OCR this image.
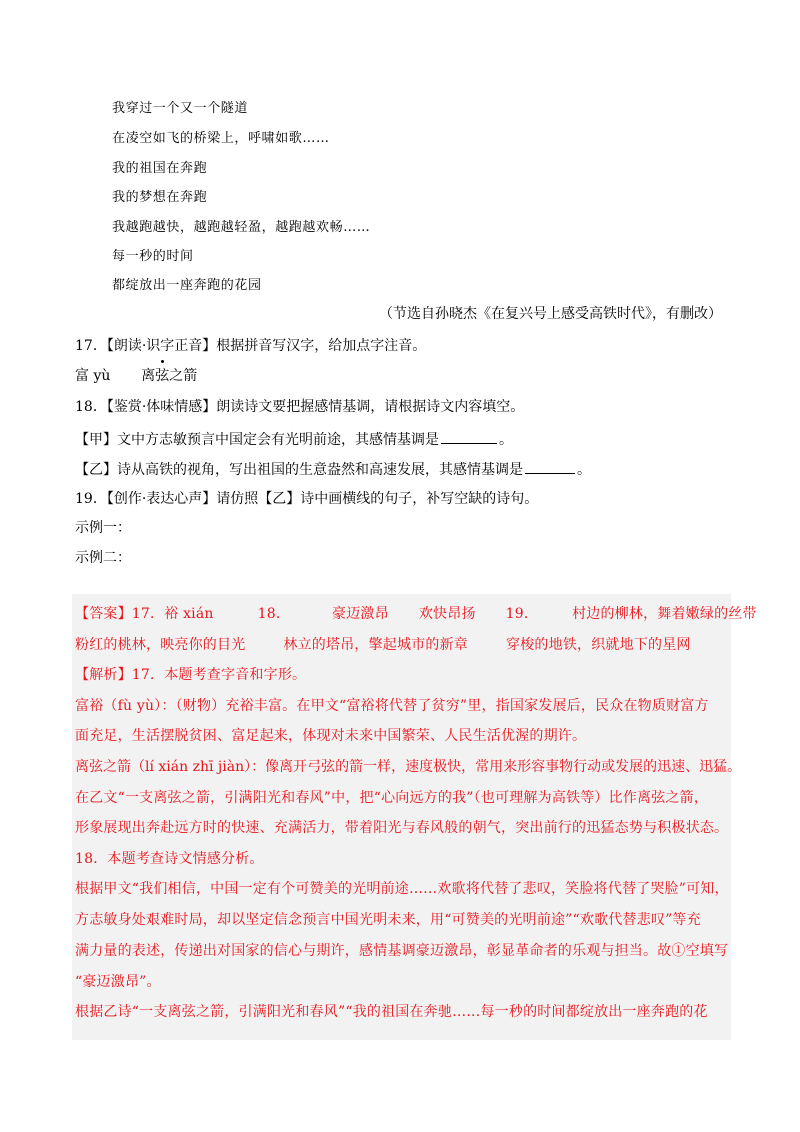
我穿过一个又一个隧道
在凌空如飞的桥梁上，呼啸如歌……
我的祖国在奔跑
我的梦想在奔跑
我越跑越快，越跑越轻盈，越跑越欢畅……
每一秒的时间
都绽放出一座奔跑的花园
（节选自孙晓杰《在复兴号上感受高铁时代》，有删改）
17．【朗读·识字正音】根据拼音写汉字，给加点字注音。
富 yù 离
弦之箭
18．【鉴赏·体味情感】朗读诗文要把握感情基调，请根据诗文内容填空。
【甲】文中方志敏预言中国定会有光明前途，其感情基调是	。
【乙】诗从高铁的视角，写出祖国的生意盎然和高速发展，其感情基调是	。
19．【创作·表达心声】请仿照【乙】诗中画横线的句子，补写空缺的诗句。
示例一：
示例二：
【答案】17．裕 xián	18．	豪迈激昂 欢快昂扬 19． 村边的柳林，舞着嫩绿的丝带
粉红的桃林，映亮你的目光	林立的塔吊，擎起城市的新章	穿梭的地铁，织就地下的星网
【解析】17．本题考查字音和字形。
富裕（fù yù）：（财物）充裕丰富。在甲文“富裕将代替了贫穷”里，指国家发展后，民众在物质财富方
面充足，生活摆脱贫困、富足起来，体现对未来中国繁荣、人民生活优渥的期许。
离弦之箭（lí xián zhī jiàn）：像离开弓弦的箭一样，速度极快，常用来形容事物行动或发展的迅速、迅猛。
在乙文“一支离弦之箭，引满阳光和春风”中，把“心向远方的我”（也可理解为高铁等）比作离弦之箭，
形象展现出奔赴远方时的快速、充满活力，带着阳光与春风般的朝气，突出前行的迅猛态势与积极状态。
18．本题考查诗文情感分析。
根据甲文“我们相信，中国一定有个可赞美的光明前途……欢歌将代替了悲叹，笑脸将代替了哭脸”可知，
方志敏身处艰难时局，却以坚定信念预言中国光明未来，用“可赞美的光明前途”“欢歌代替悲叹”等充
满力量的表述，传递出对国家的信心与期许，感情基调豪迈激昂，彰显革命者的乐观与担当。故①空填写
“豪迈激昂”。
根据乙诗“一支离弦之箭，引满阳光和春风”“我的祖国在奔驰……每一秒的时间都绽放出一座奔跑的花
